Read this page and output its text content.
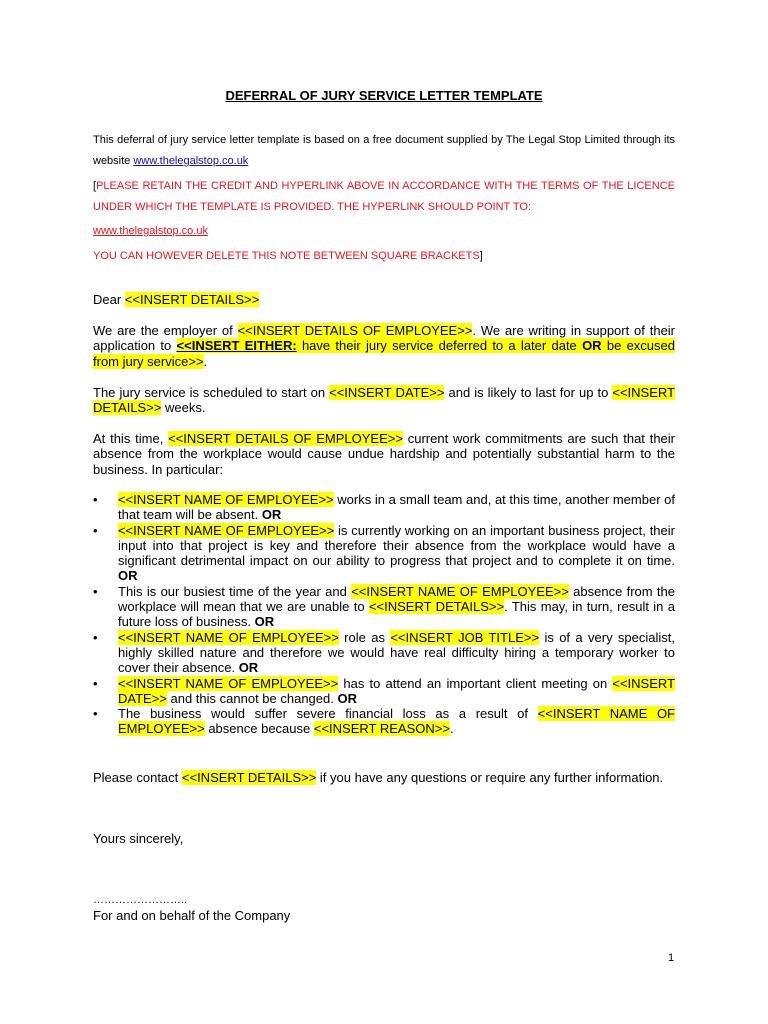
DEFERRAL OF JURY SERVICE LETTER TEMPLATE
This deferral of jury service letter template is based on a free document supplied by The Legal Stop Limited through its website www.thelegalstop.co.uk
[PLEASE RETAIN THE CREDIT AND HYPERLINK ABOVE IN ACCORDANCE WITH THE TERMS OF THE LICENCE UNDER WHICH THE TEMPLATE IS PROVIDED. THE HYPERLINK SHOULD POINT TO:
www.thelegalstop.co.uk
YOU CAN HOWEVER DELETE THIS NOTE BETWEEN SQUARE BRACKETS]
Dear <<INSERT DETAILS>>
We are the employer of <<INSERT DETAILS OF EMPLOYEE>>. We are writing in support of their application to <<INSERT EITHER: have their jury service deferred to a later date OR be excused from jury service>>.
The jury service is scheduled to start on <<INSERT DATE>> and is likely to last for up to <<INSERT DETAILS>> weeks.
At this time, <<INSERT DETAILS OF EMPLOYEE>> current work commitments are such that their absence from the workplace would cause undue hardship and potentially substantial harm to the business. In particular:
• <<INSERT NAME OF EMPLOYEE>> works in a small team and, at this time, another member of that team will be absent. OR
• <<INSERT NAME OF EMPLOYEE>> is currently working on an important business project, their input into that project is key and therefore their absence from the workplace would have a significant detrimental impact on our ability to progress that project and to complete it on time. OR
• This is our busiest time of the year and <<INSERT NAME OF EMPLOYEE>> absence from the workplace will mean that we are unable to <<INSERT DETAILS>>. This may, in turn, result in a future loss of business. OR
• <<INSERT NAME OF EMPLOYEE>> role as <<INSERT JOB TITLE>> is of a very specialist, highly skilled nature and therefore we would have real difficulty hiring a temporary worker to cover their absence. OR
• <<INSERT NAME OF EMPLOYEE>> has to attend an important client meeting on <<INSERT DATE>> and this cannot be changed. OR
• The business would suffer severe financial loss as a result of <<INSERT NAME OF EMPLOYEE>> absence because <<INSERT REASON>>.
Please contact <<INSERT DETAILS>> if you have any questions or require any further information.
Yours sincerely,
……………………..
For and on behalf of the Company
1
